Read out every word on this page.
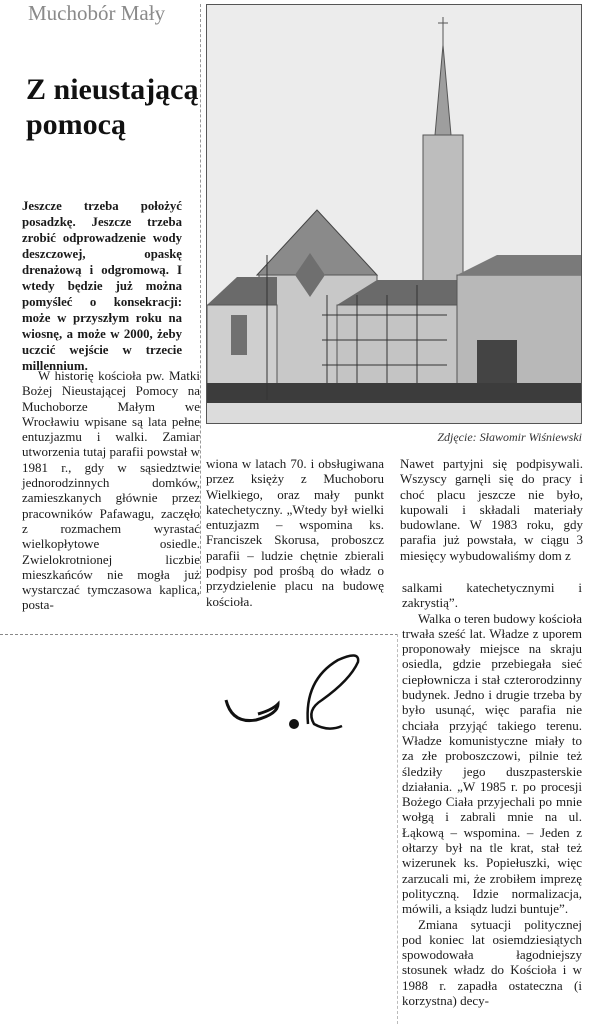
Muchobór Mały
Z nieustającą pomocą
Jeszcze trzeba położyć posadzkę. Jeszcze trzeba zrobić odprowadzenie wody deszczowej, opaskę drenażową i odgromową. I wtedy będzie już można pomyśleć o konsekracji: może w przyszłym roku na wiosnę, a może w 2000, żeby uczcić wejście w trzecie millennium.

W historię kościoła pw. Matki Bożej Nieustającej Pomocy na Muchoborze Małym we Wrocławiu wpisane są lata pełne entuzjazmu i walki. Zamiar utworzenia tutaj parafii powstał w 1981 r., gdy w sąsiedztwie jednorodzinnych domków, zamieszkanych głównie przez pracowników Pafawagu, zaczęło z rozmachem wyrastać wielkopłytowe osiedle. Zwielokrotnionej liczbie mieszkańców nie mogła już wystarczać tymczasowa kaplica, posta-

wiona w latach 70. i obsługiwana przez księży z Muchoboru Wielkiego, oraz mały punkt katechetyczny. „Wtedy był wielki entuzjazm – wspomina ks. Franciszek Skorusa, proboszcz parafii – ludzie chętnie zbierali podpisy pod prośbą do władz o przydzielenie placu na budowę kościoła.

Nawet partyjni się podpisywali. Wszyscy garnęli się do pracy i choć placu jeszcze nie było, kupowali i składali materiały budowlane. W 1983 roku, gdy parafia już powstała, w ciągu 3 miesięcy wybudowaliśmy dom z

Zdjęcie: Sławomir Wiśniewski

salkami katechetycznymi i zakrystią”.

Walka o teren budowy kościoła trwała sześć lat. Władze z uporem proponowały miejsce na skraju osiedla, gdzie przebiegała sieć ciepłownicza i stał czterorodzinny budynek. Jedno i drugie trzeba by było usunąć, więc parafia nie chciała przyjąć takiego terenu. Władze komunistyczne miały to za złe proboszczowi, pilnie też śledziły jego duszpasterskie działania. „W 1985 r. po procesji Bożego Ciała przyjechali po mnie wołgą i zabrali mnie na ul. Łąkową – wspomina. – Jeden z ołtarzy był na tle krat, stał też wizerunek ks. Popiełuszki, więc zarzucali mi, że zrobiłem imprezę polityczną. Idzie normalizacja, mówili, a ksiądz ludzi buntuje”.

Zmiana sytuacji politycznej pod koniec lat osiemdziesiątych spowodowała łagodniejszy stosunek władz do Kościoła i w 1988 r. zapadła ostateczna (i korzystna) decy-
